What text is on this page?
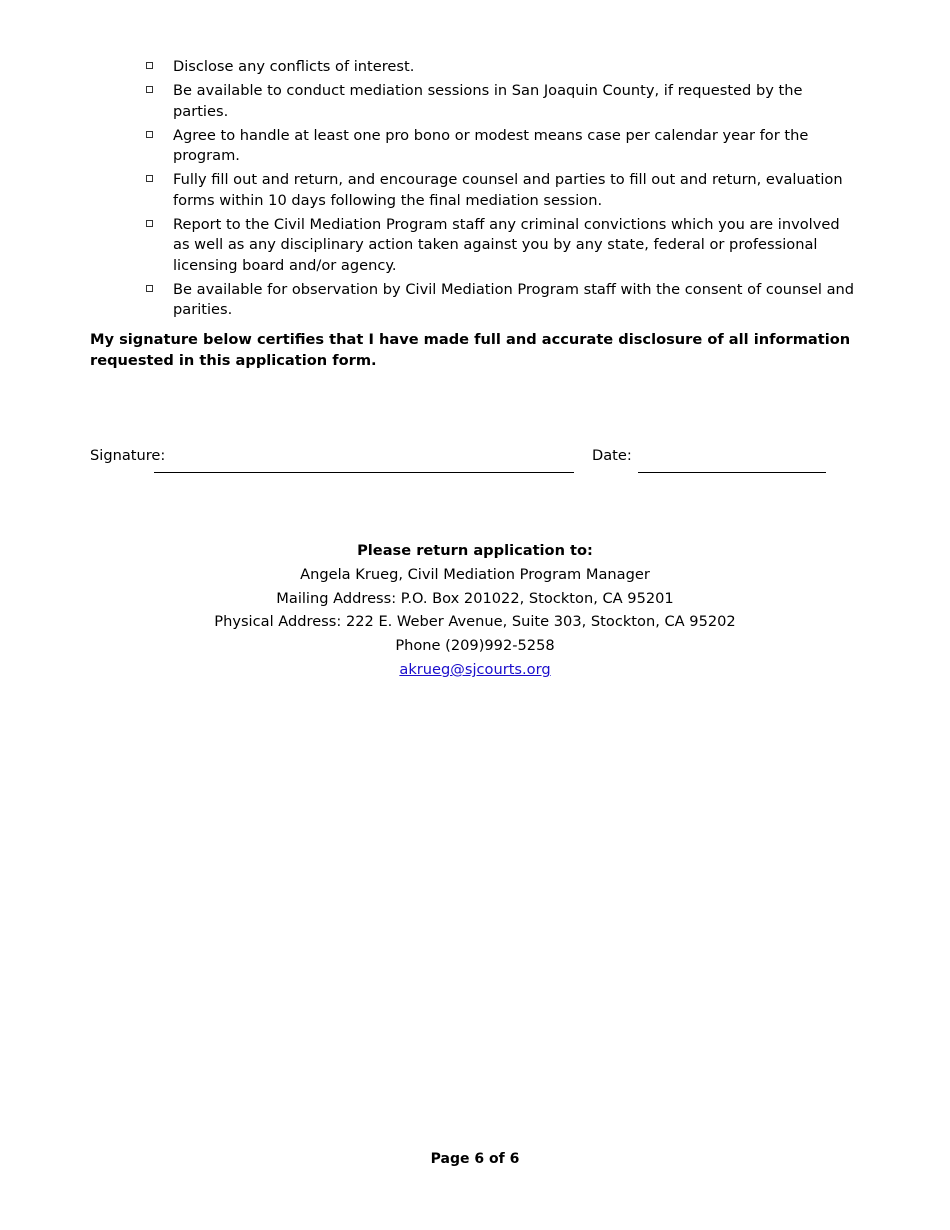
Disclose any conflicts of interest.
Be available to conduct mediation sessions in San Joaquin County, if requested by the parties.
Agree to handle at least one pro bono or modest means case per calendar year for the program.
Fully fill out and return, and encourage counsel and parties to fill out and return, evaluation forms within 10 days following the final mediation session.
Report to the Civil Mediation Program staff any criminal convictions which you are involved as well as any disciplinary action taken against you by any state, federal or professional licensing board and/or agency.
Be available for observation by Civil Mediation Program staff with the consent of counsel and parities.
My signature below certifies that I have made full and accurate disclosure of all information requested in this application form.
Signature:	Date:
Please return application to:
Angela Krueg, Civil Mediation Program Manager
Mailing Address: P.O. Box 201022, Stockton, CA 95201
Physical Address: 222 E. Weber Avenue, Suite 303, Stockton, CA 95202
Phone (209)992-5258
akrueg@sjcourts.org
Page 6 of 6
